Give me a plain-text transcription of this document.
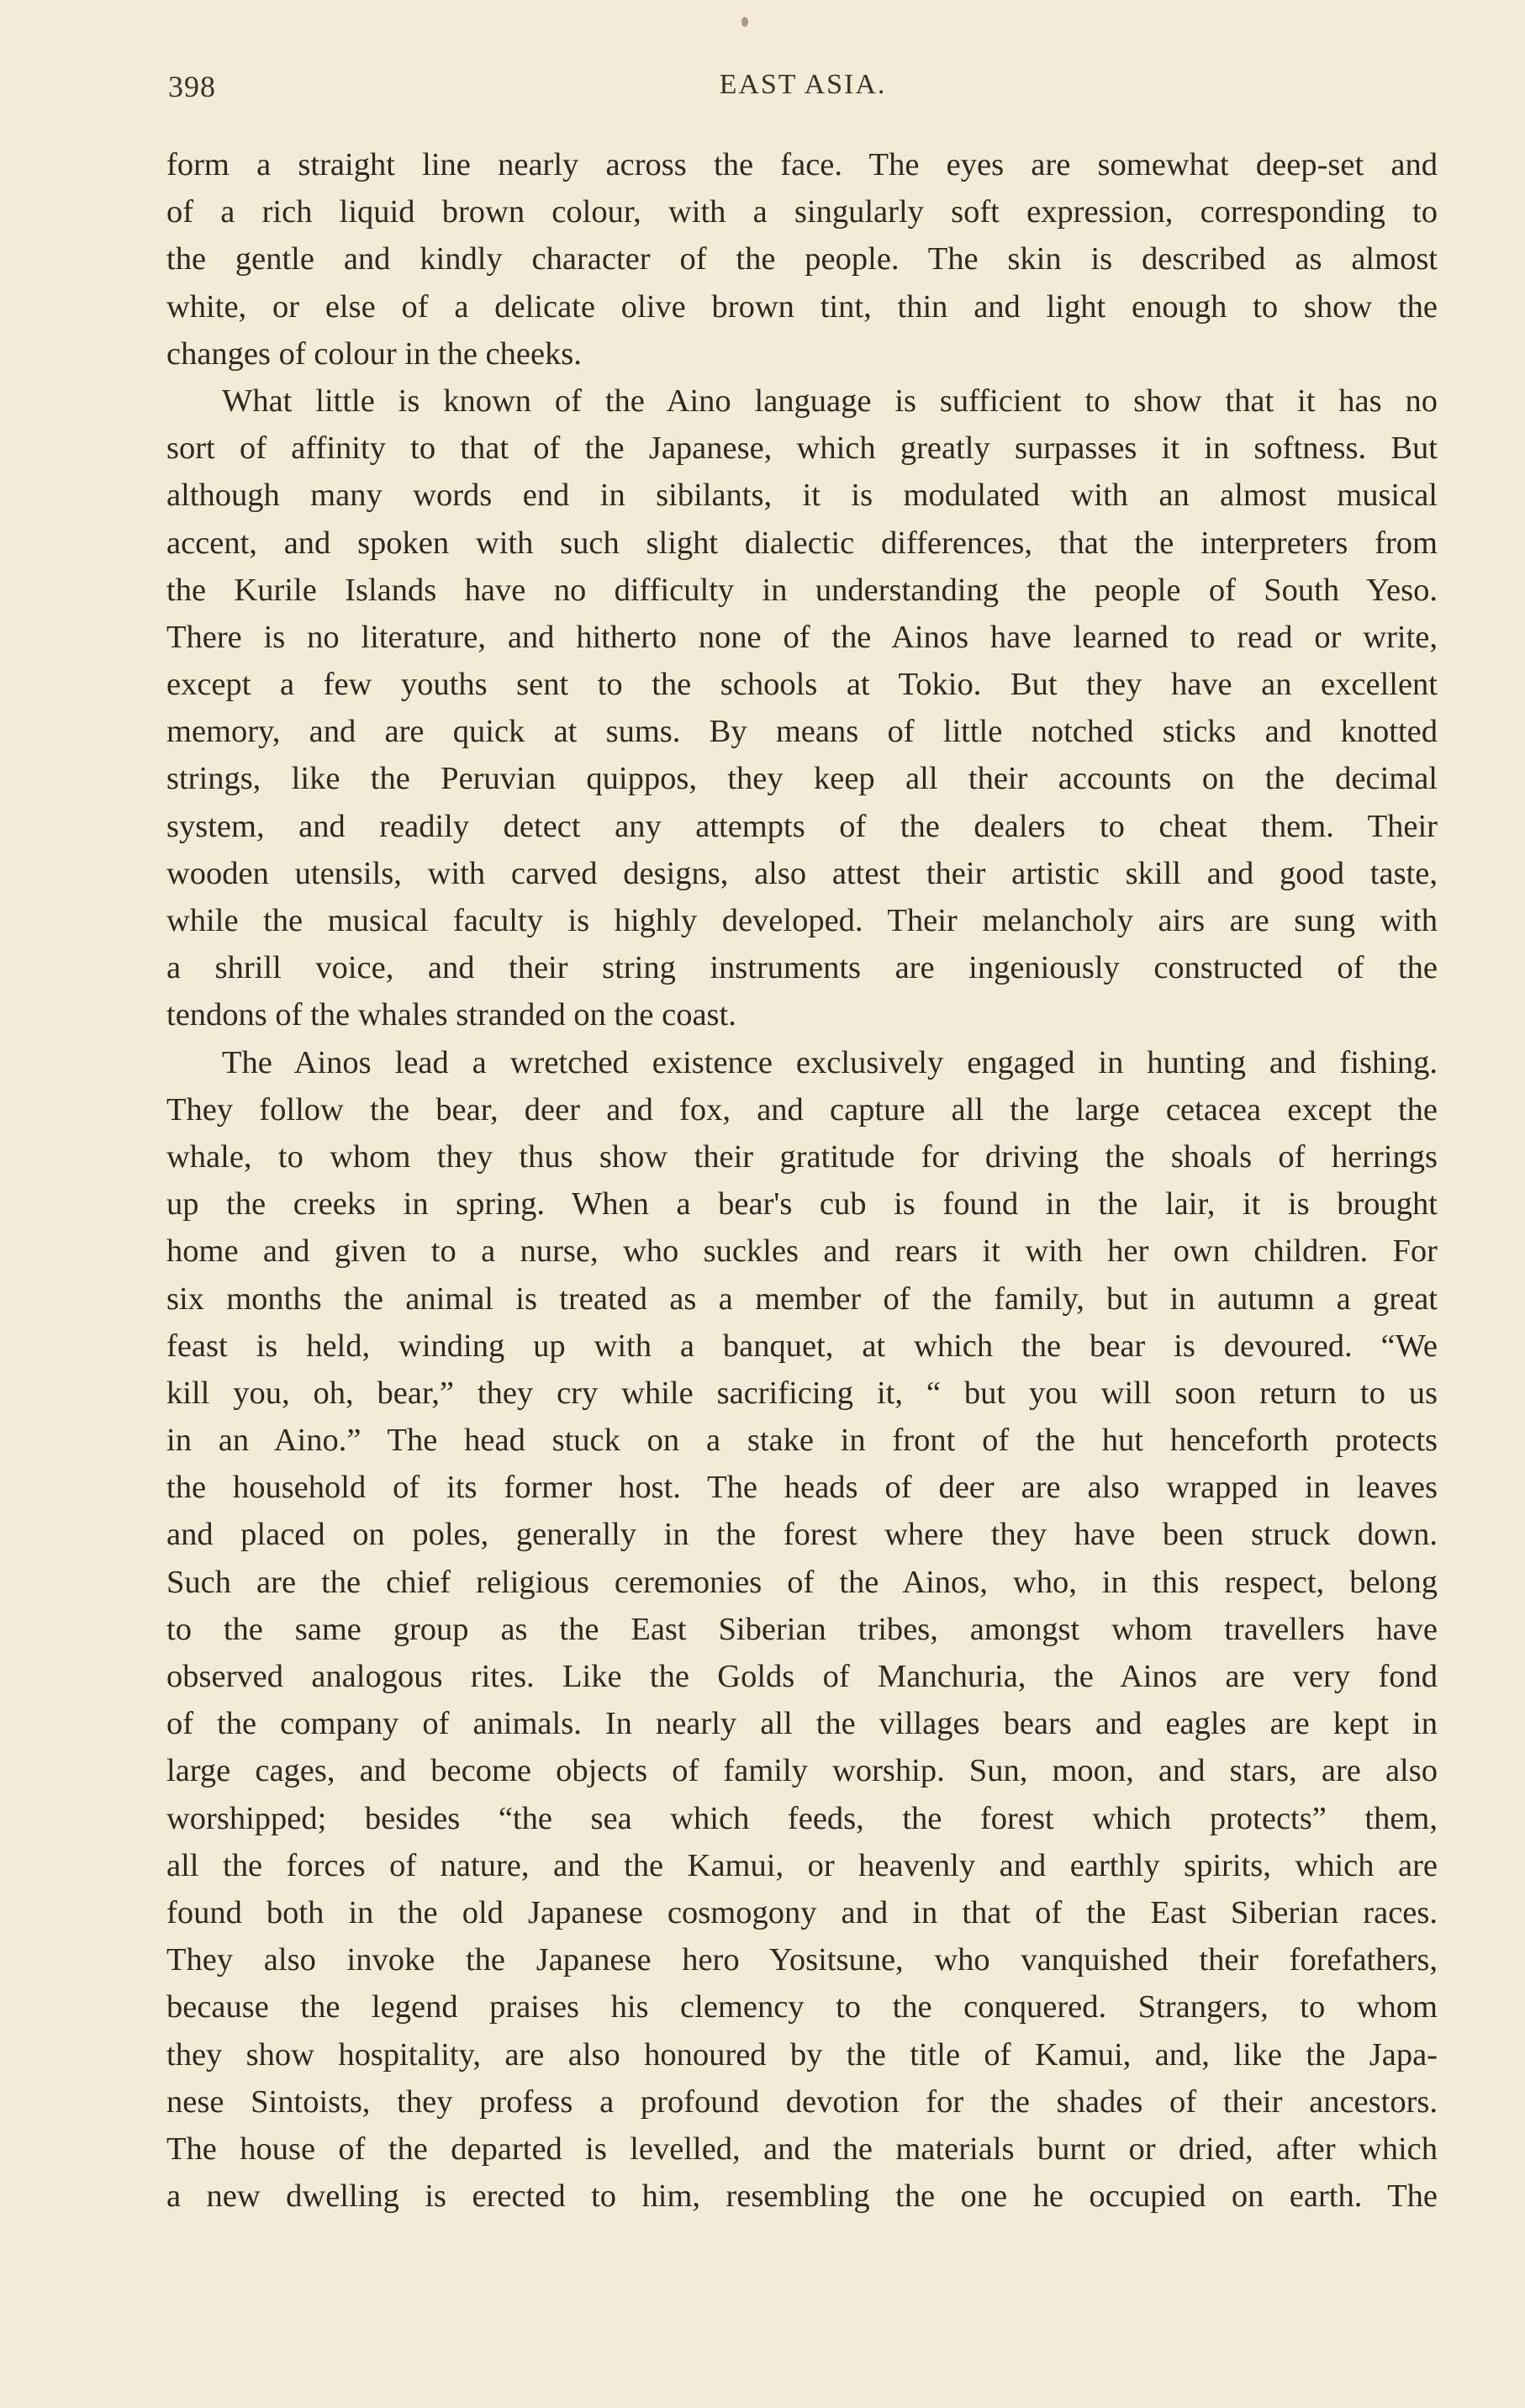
398	EAST ASIA.
form a straight line nearly across the face. The eyes are somewhat deep-set and
of a rich liquid brown colour, with a singularly soft expression, corresponding to
the gentle and kindly character of the people. The skin is described as almost
white, or else of a delicate olive brown tint, thin and light enough to show the
changes of colour in the cheeks.
What little is known of the Aino language is sufficient to show that it has no
sort of affinity to that of the Japanese, which greatly surpasses it in softness. But
although many words end in sibilants, it is modulated with an almost musical
accent, and spoken with such slight dialectic differences, that the interpreters from
the Kurile Islands have no difficulty in understanding the people of South Yeso.
There is no literature, and hitherto none of the Ainos have learned to read or write,
except a few youths sent to the schools at Tokio. But they have an excellent
memory, and are quick at sums. By means of little notched sticks and knotted
strings, like the Peruvian quippos, they keep all their accounts on the decimal
system, and readily detect any attempts of the dealers to cheat them. Their
wooden utensils, with carved designs, also attest their artistic skill and good taste,
while the musical faculty is highly developed. Their melancholy airs are sung with
a shrill voice, and their string instruments are ingeniously constructed of the
tendons of the whales stranded on the coast.
The Ainos lead a wretched existence exclusively engaged in hunting and fishing.
They follow the bear, deer and fox, and capture all the large cetacea except the
whale, to whom they thus show their gratitude for driving the shoals of herrings
up the creeks in spring. When a bear's cub is found in the lair, it is brought
home and given to a nurse, who suckles and rears it with her own children. For
six months the animal is treated as a member of the family, but in autumn a great
feast is held, winding up with a banquet, at which the bear is devoured. “We
kill you, oh, bear,” they cry while sacrificing it, “ but you will soon return to us
in an Aino.” The head stuck on a stake in front of the hut henceforth protects
the household of its former host. The heads of deer are also wrapped in leaves
and placed on poles, generally in the forest where they have been struck down.
Such are the chief religious ceremonies of the Ainos, who, in this respect, belong
to the same group as the East Siberian tribes, amongst whom travellers have
observed analogous rites. Like the Golds of Manchuria, the Ainos are very fond
of the company of animals. In nearly all the villages bears and eagles are kept in
large cages, and become objects of family worship. Sun, moon, and stars, are also
worshipped; besides “the sea which feeds, the forest which protects” them,
all the forces of nature, and the Kamui, or heavenly and earthly spirits, which are
found both in the old Japanese cosmogony and in that of the East Siberian races.
They also invoke the Japanese hero Yositsune, who vanquished their forefathers,
because the legend praises his clemency to the conquered. Strangers, to whom
they show hospitality, are also honoured by the title of Kamui, and, like the Japa-
nese Sintoists, they profess a profound devotion for the shades of their ancestors.
The house of the departed is levelled, and the materials burnt or dried, after which
a new dwelling is erected to him, resembling the one he occupied on earth. The
